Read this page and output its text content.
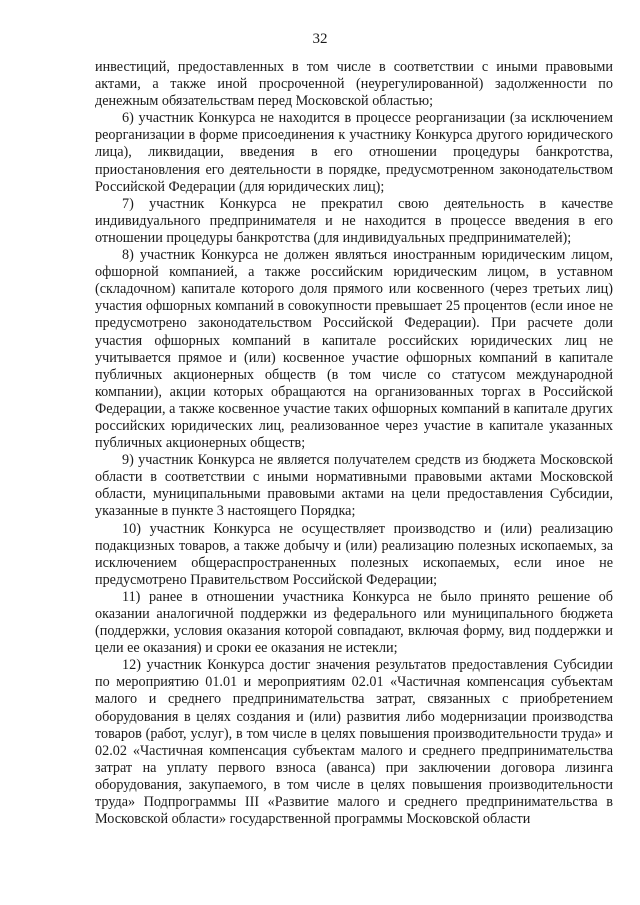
32

инвестиций, предоставленных в том числе в соответствии с иными правовыми актами, а также иной просроченной (неурегулированной) задолженности по денежным обязательствам перед Московской областью;

6) участник Конкурса не находится в процессе реорганизации (за исключением реорганизации в форме присоединения к участнику Конкурса другого юридического лица), ликвидации, введения в его отношении процедуры банкротства, приостановления его деятельности в порядке, предусмотренном законодательством Российской Федерации (для юридических лиц);

7) участник Конкурса не прекратил свою деятельность в качестве индивидуального предпринимателя и не находится в процессе введения в его отношении процедуры банкротства (для индивидуальных предпринимателей);

8) участник Конкурса не должен являться иностранным юридическим лицом, офшорной компанией, а также российским юридическим лицом, в уставном (складочном) капитале которого доля прямого или косвенного (через третьих лиц) участия офшорных компаний в совокупности превышает 25 процентов (если иное не предусмотрено законодательством Российской Федерации). При расчете доли участия офшорных компаний в капитале российских юридических лиц не учитывается прямое и (или) косвенное участие офшорных компаний в капитале публичных акционерных обществ (в том числе со статусом международной компании), акции которых обращаются на организованных торгах в Российской Федерации, а также косвенное участие таких офшорных компаний в капитале других российских юридических лиц, реализованное через участие в капитале указанных публичных акционерных обществ;

9) участник Конкурса не является получателем средств из бюджета Московской области в соответствии с иными нормативными правовыми актами Московской области, муниципальными правовыми актами на цели предоставления Субсидии, указанные в пункте 3 настоящего Порядка;

10) участник Конкурса не осуществляет производство и (или) реализацию подакцизных товаров, а также добычу и (или) реализацию полезных ископаемых, за исключением общераспространенных полезных ископаемых, если иное не предусмотрено Правительством Российской Федерации;

11) ранее в отношении участника Конкурса не было принято решение об оказании аналогичной поддержки из федерального или муниципального бюджета (поддержки, условия оказания которой совпадают, включая форму, вид поддержки и цели ее оказания) и сроки ее оказания не истекли;

12) участник Конкурса достиг значения результатов предоставления Субсидии по мероприятию 01.01 и мероприятиям 02.01 «Частичная компенсация субъектам малого и среднего предпринимательства затрат, связанных с приобретением оборудования в целях создания и (или) развития либо модернизации производства товаров (работ, услуг), в том числе в целях повышения производительности труда» и 02.02 «Частичная компенсация субъектам малого и среднего предпринимательства затрат на уплату первого взноса (аванса) при заключении договора лизинга оборудования, закупаемого, в том числе в целях повышения производительности труда» Подпрограммы III «Развитие малого и среднего предпринимательства в Московской области» государственной программы Московской области
